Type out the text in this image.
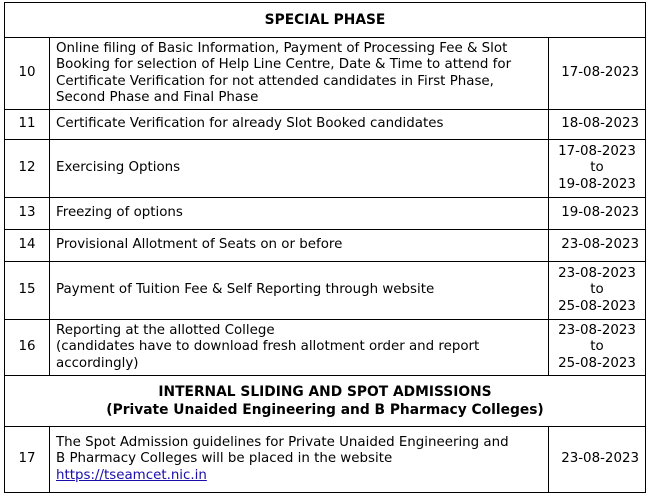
SPECIAL PHASE		
10	Online filing of Basic Information, Payment of Processing Fee & Slot
Booking for selection of Help Line Centre, Date & Time to attend for
Certificate Verification for not attended candidates in First Phase,
Second Phase and Final Phase	17-08-2023
11	Certificate Verification for already Slot Booked candidates	18-08-2023
12	Exercising Options	17-08-2023
to
19-08-2023

13	Freezing of options	19-08-2023
14	Provisional Allotment of Seats on or before	23-08-2023
15	Payment of Tuition Fee & Self Reporting through website	23-08-2023
to
25-08-2023

16	Reporting at the allotted College
(candidates have to download fresh allotment order and report
accordingly)	23-08-2023
to
25-08-2023

INTERNAL SLIDING AND SPOT ADMISSIONS
(Private Unaided Engineering and B Pharmacy Colleges)		

17	The Spot Admission guidelines for Private Unaided Engineering and
B Pharmacy Colleges will be placed in the website
https://tseamcet.nic.in	23-08-2023
